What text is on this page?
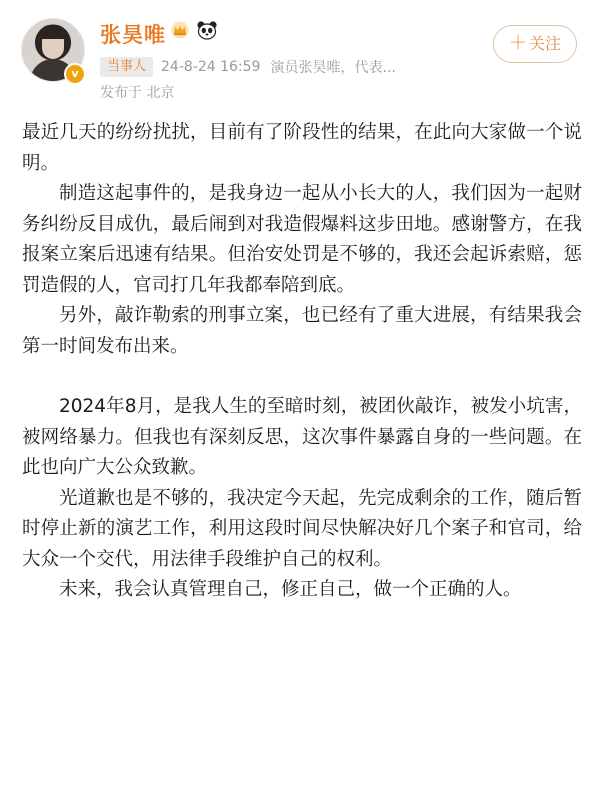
v
张昊唯	＋ 关注
当事人	24-8-24 16:59 演员张昊唯，代表...
发布于 北京

最近几天的纷纷扰扰，目前有了阶段性的结果，在此向大家做一个说明。

制造这起事件的，是我身边一起从小长大的人，我们因为一起财务纠纷反目成仇，最后闹到对我造假爆料这步田地。感谢警方，在我报案立案后迅速有结果。但治安处罚是不够的，我还会起诉索赔，惩罚造假的人，官司打几年我都奉陪到底。

另外，敲诈勒索的刑事立案，也已经有了重大进展，有结果我会第一时间发布出来。

2024年8月，是我人生的至暗时刻，被团伙敲诈，被发小坑害，被网络暴力。但我也有深刻反思，这次事件暴露自身的一些问题。在此也向广大公众致歉。

光道歉也是不够的，我决定今天起，先完成剩余的工作，随后暂时停止新的演艺工作，利用这段时间尽快解决好几个案子和官司，给大众一个交代，用法律手段维护自己的权利。

未来，我会认真管理自己，修正自己，做一个正确的人。
